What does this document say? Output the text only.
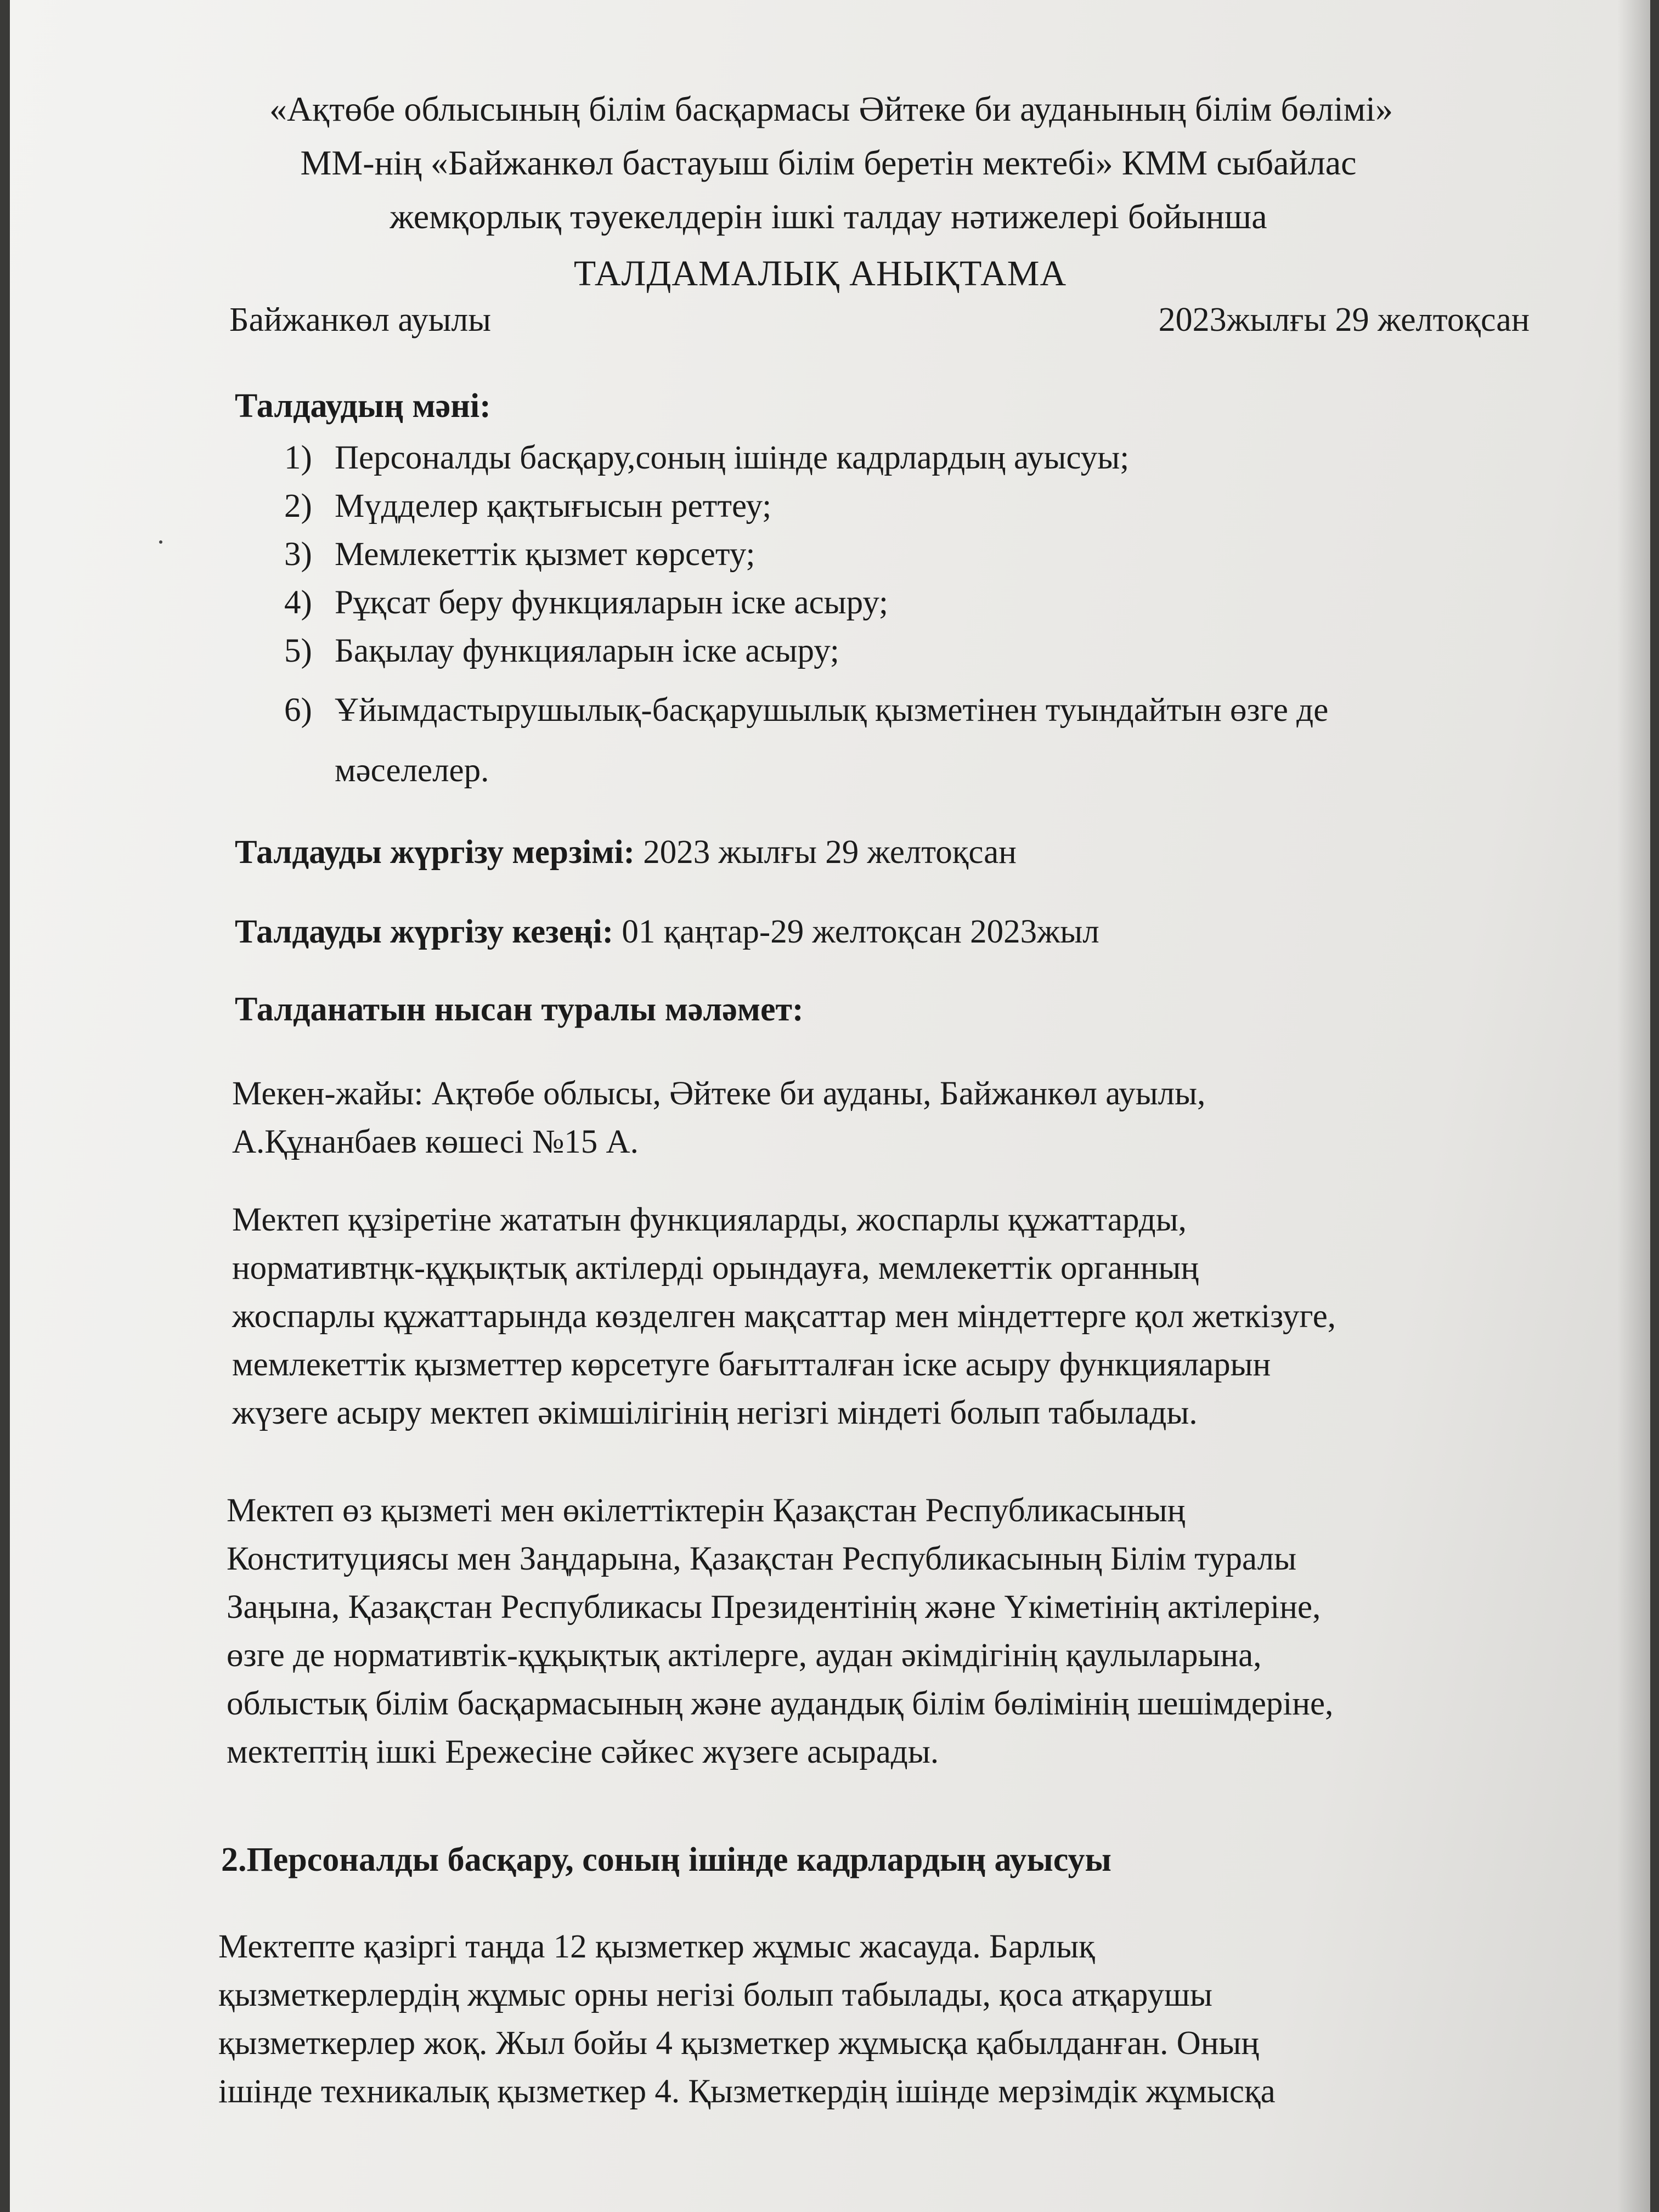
«Ақтөбе облысының білім басқармасы Әйтеке би ауданының білім бөлімі»

ММ-нің «Байжанкөл бастауыш білім беретін мектебі» КММ сыбайлас

жемқорлық тәуекелдерін ішкі талдау нәтижелері бойынша

ТАЛДАМАЛЫҚ АНЫҚТАМА

Байжанкөл ауылы	2023жылғы 29 желтоқсан
Талдаудың мәні:
1) Персоналды басқару,соның ішінде кадрлардың ауысуы;
2) Мүдделер қақтығысын реттеу;
3) Мемлекеттік қызмет көрсету;
4) Рұқсат беру функцияларын іске асыру;
5) Бақылау функцияларын іске асыру;
6) Ұйымдастырушылық-басқарушылық қызметінен туындайтын өзге де
мәселелер.
Талдауды жүргізу мерзімі: 2023 жылғы 29 желтоқсан
Талдауды жүргізу кезеңі: 01 қаңтар-29 желтоқсан 2023жыл
Талданатын нысан туралы мәләмет:
Мекен-жайы: Ақтөбе облысы, Әйтеке би ауданы, Байжанкөл ауылы,
А.Құнанбаев көшесі №15 А.
Мектеп құзіретіне жататын функцияларды, жоспарлы құжаттарды,
нормативтңк-құқықтық актілерді орындауға, мемлекеттік органның
жоспарлы құжаттарында көзделген мақсаттар мен міндеттерге қол жеткізуге,
мемлекеттік қызметтер көрсетуге бағытталған іске асыру функцияларын
жүзеге асыру мектеп әкімшілігінің негізгі міндеті болып табылады.
Мектеп өз қызметі мен өкілеттіктерін Қазақстан Республикасының
Конституциясы мен Заңдарына, Қазақстан Республикасының Білім туралы
Заңына, Қазақстан Республикасы Президентінің және Үкіметінің актілеріне,
өзге де нормативтік-құқықтық актілерге, аудан әкімдігінің қаулыларына,
облыстық білім басқармасының және аудандық білім бөлімінің шешімдеріне,
мектептің ішкі Ережесіне сәйкес жүзеге асырады.
2.Персоналды басқару, соның ішінде кадрлардың ауысуы
Мектепте қазіргі таңда 12 қызметкер жұмыс жасауда. Барлық
қызметкерлердің жұмыс орны негізі болып табылады, қоса атқарушы
қызметкерлер жоқ. Жыл бойы 4 қызметкер жұмысқа қабылданған. Оның
ішінде техникалық қызметкер 4. Қызметкердің ішінде мерзімдік жұмысқа
